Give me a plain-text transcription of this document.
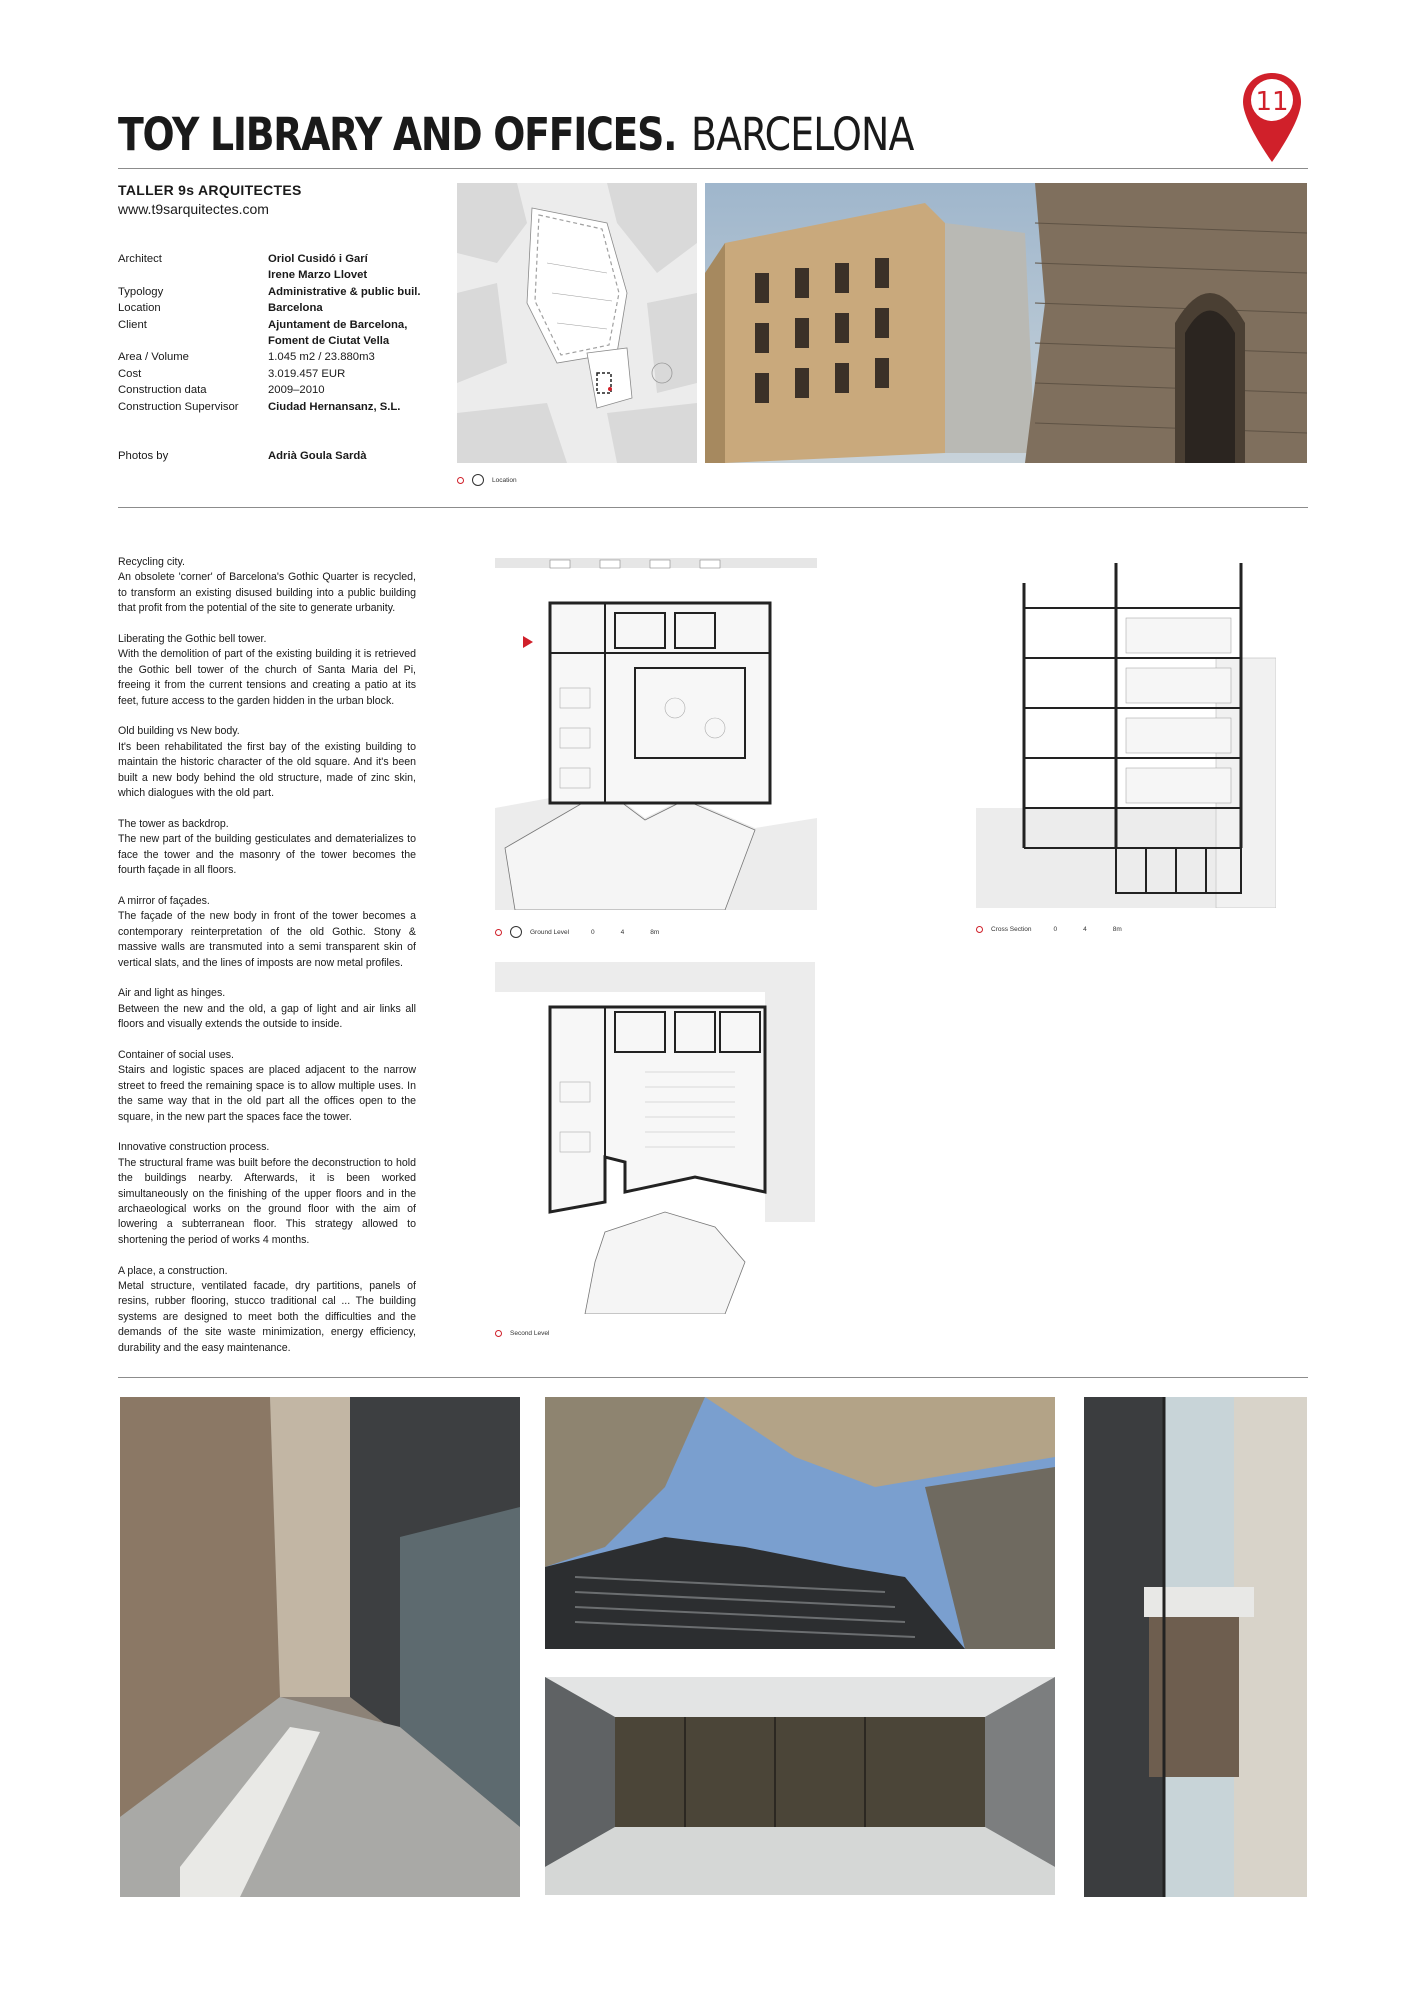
TOY LIBRARY AND OFFICES. BARCELONA
11
TALLER 9s ARQUITECTES
www.t9sarquitectes.com
Architect	Oriol Cusidó i Garí
Irene Marzo Llovet
Typology	Administrative & public buil.
Location	Barcelona
Client	Ajuntament de Barcelona,
Foment de Ciutat Vella
Area / Volume	1.045 m2 / 23.880m3
Cost	3.019.457 EUR
Construction data	2009–2010
Construction Supervisor	Ciudad Hernansanz, S.L.
Photos by	Adrià Goula Sardà
Location

Recycling city.
An obsolete 'corner' of Barcelona's Gothic Quarter is recycled, to transform an existing disused building into a public building that profit from the potential of the site to generate urbanity.

Liberating the Gothic bell tower.
With the demolition of part of the existing building it is retrieved the Gothic bell tower of the church of Santa Maria del Pi, freeing it from the current tensions and creating a patio at its feet, future access to the garden hidden in the urban block.

Old building vs New body.
It's been rehabilitated the first bay of the existing building to maintain the historic character of the old square. And it's been built a new body behind the old structure, made of zinc skin, which dialogues with the old part.

The tower as backdrop.
The new part of the building gesticulates and dematerializes to face the tower and the masonry of the tower becomes the fourth façade in all floors.

A mirror of façades.
The façade of the new body in front of the tower becomes a contemporary reinterpretation of the old Gothic. Stony & massive walls are transmuted into a semi transparent skin of vertical slats, and the lines of imposts are now metal profiles.

Air and light as hinges.
Between the new and the old, a gap of light and air links all floors and visually extends the outside to inside.

Container of social uses.
Stairs and logistic spaces are placed adjacent to the narrow street to freed the remaining space is to allow multiple uses. In the same way that in the old part all the offices open to the square, in the new part the spaces face the tower.

Innovative construction process.
The structural frame was built before the deconstruction to hold the buildings nearby. Afterwards, it is been worked simultaneously on the finishing of the upper floors and in the archaeological works on the ground floor with the aim of lowering a subterranean floor. This strategy allowed to shortening the period of works 4 months.

A place, a construction.
Metal structure, ventilated facade, dry partitions, panels of resins, rubber flooring, stucco traditional cal ... The building systems are designed to meet both the difficulties and the demands of the site waste minimization, energy efficiency, durability and the easy maintenance.

Ground Level	0	4	8m	Cross Section	0	4	8m
Second Level
